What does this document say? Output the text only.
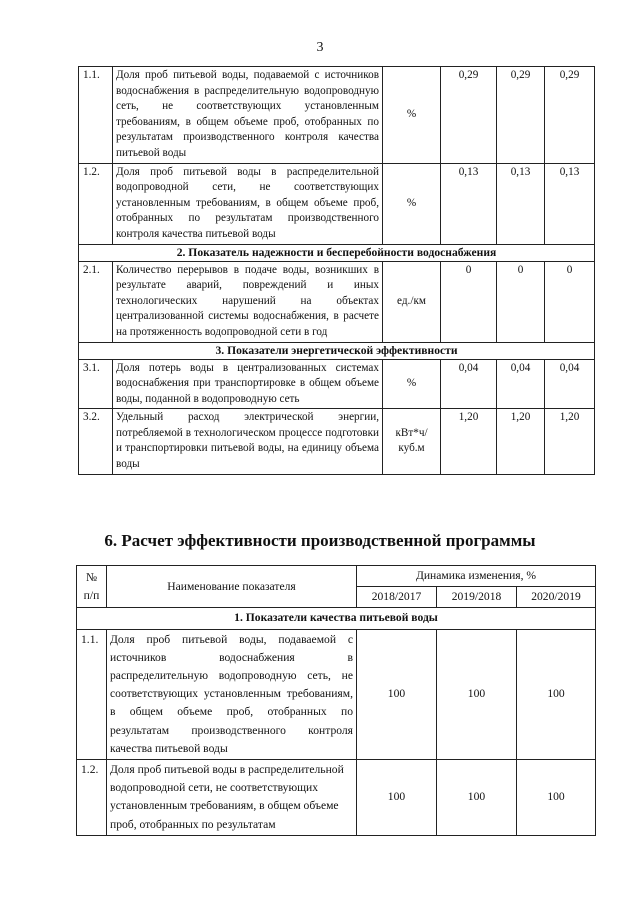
3
1.1.	Доля проб питьевой воды, подаваемой с источников водоснабжения в распределительную водопроводную сеть, не соответствующих установленным требованиям, в общем объеме проб, отобранных по результатам производственного контроля качества питьевой воды	%	0,29	0,29	0,29
1.2.	Доля проб питьевой воды в распределительной водопроводной сети, не соответствующих установленным требованиям, в общем объеме проб, отобранных по результатам производственного контроля качества питьевой воды	%	0,13	0,13	0,13
2. Показатель надежности и бесперебойности водоснабжения					
2.1.	Количество перерывов в подаче воды, возникших в результате аварий, повреждений и иных технологических нарушений на объектах централизованной системы водоснабжения, в расчете на протяженность водопроводной сети в год	ед./км	0	0	0
3. Показатели энергетической эффективности					
3.1.	Доля потерь воды в централизованных системах водоснабжения при транспортировке в общем объеме воды, поданной в водопроводную сеть	%	0,04	0,04	0,04
3.2.	Удельный расход электрической энергии, потребляемой в технологическом процессе подготовки и транспортировки питьевой воды, на единицу объема воды	кВт*ч/ куб.м	1,20	1,20	1,20
6. Расчет эффективности производственной программы
№ п/п	Наименование показателя	Динамика изменения, %		
		2018/2017	2019/2018	2020/2019
1. Показатели качества питьевой воды				
1.1.	Доля проб питьевой воды, подаваемой с источников водоснабжения в распределительную водопроводную сеть, не соответствующих установленным требованиям, в общем объеме проб, отобранных по результатам производственного контроля качества питьевой воды	100	100	100
1.2.	Доля проб питьевой воды в распределительной водопроводной сети, не соответствующих установленным требованиям, в общем объеме проб, отобранных по результатам	100	100	100
